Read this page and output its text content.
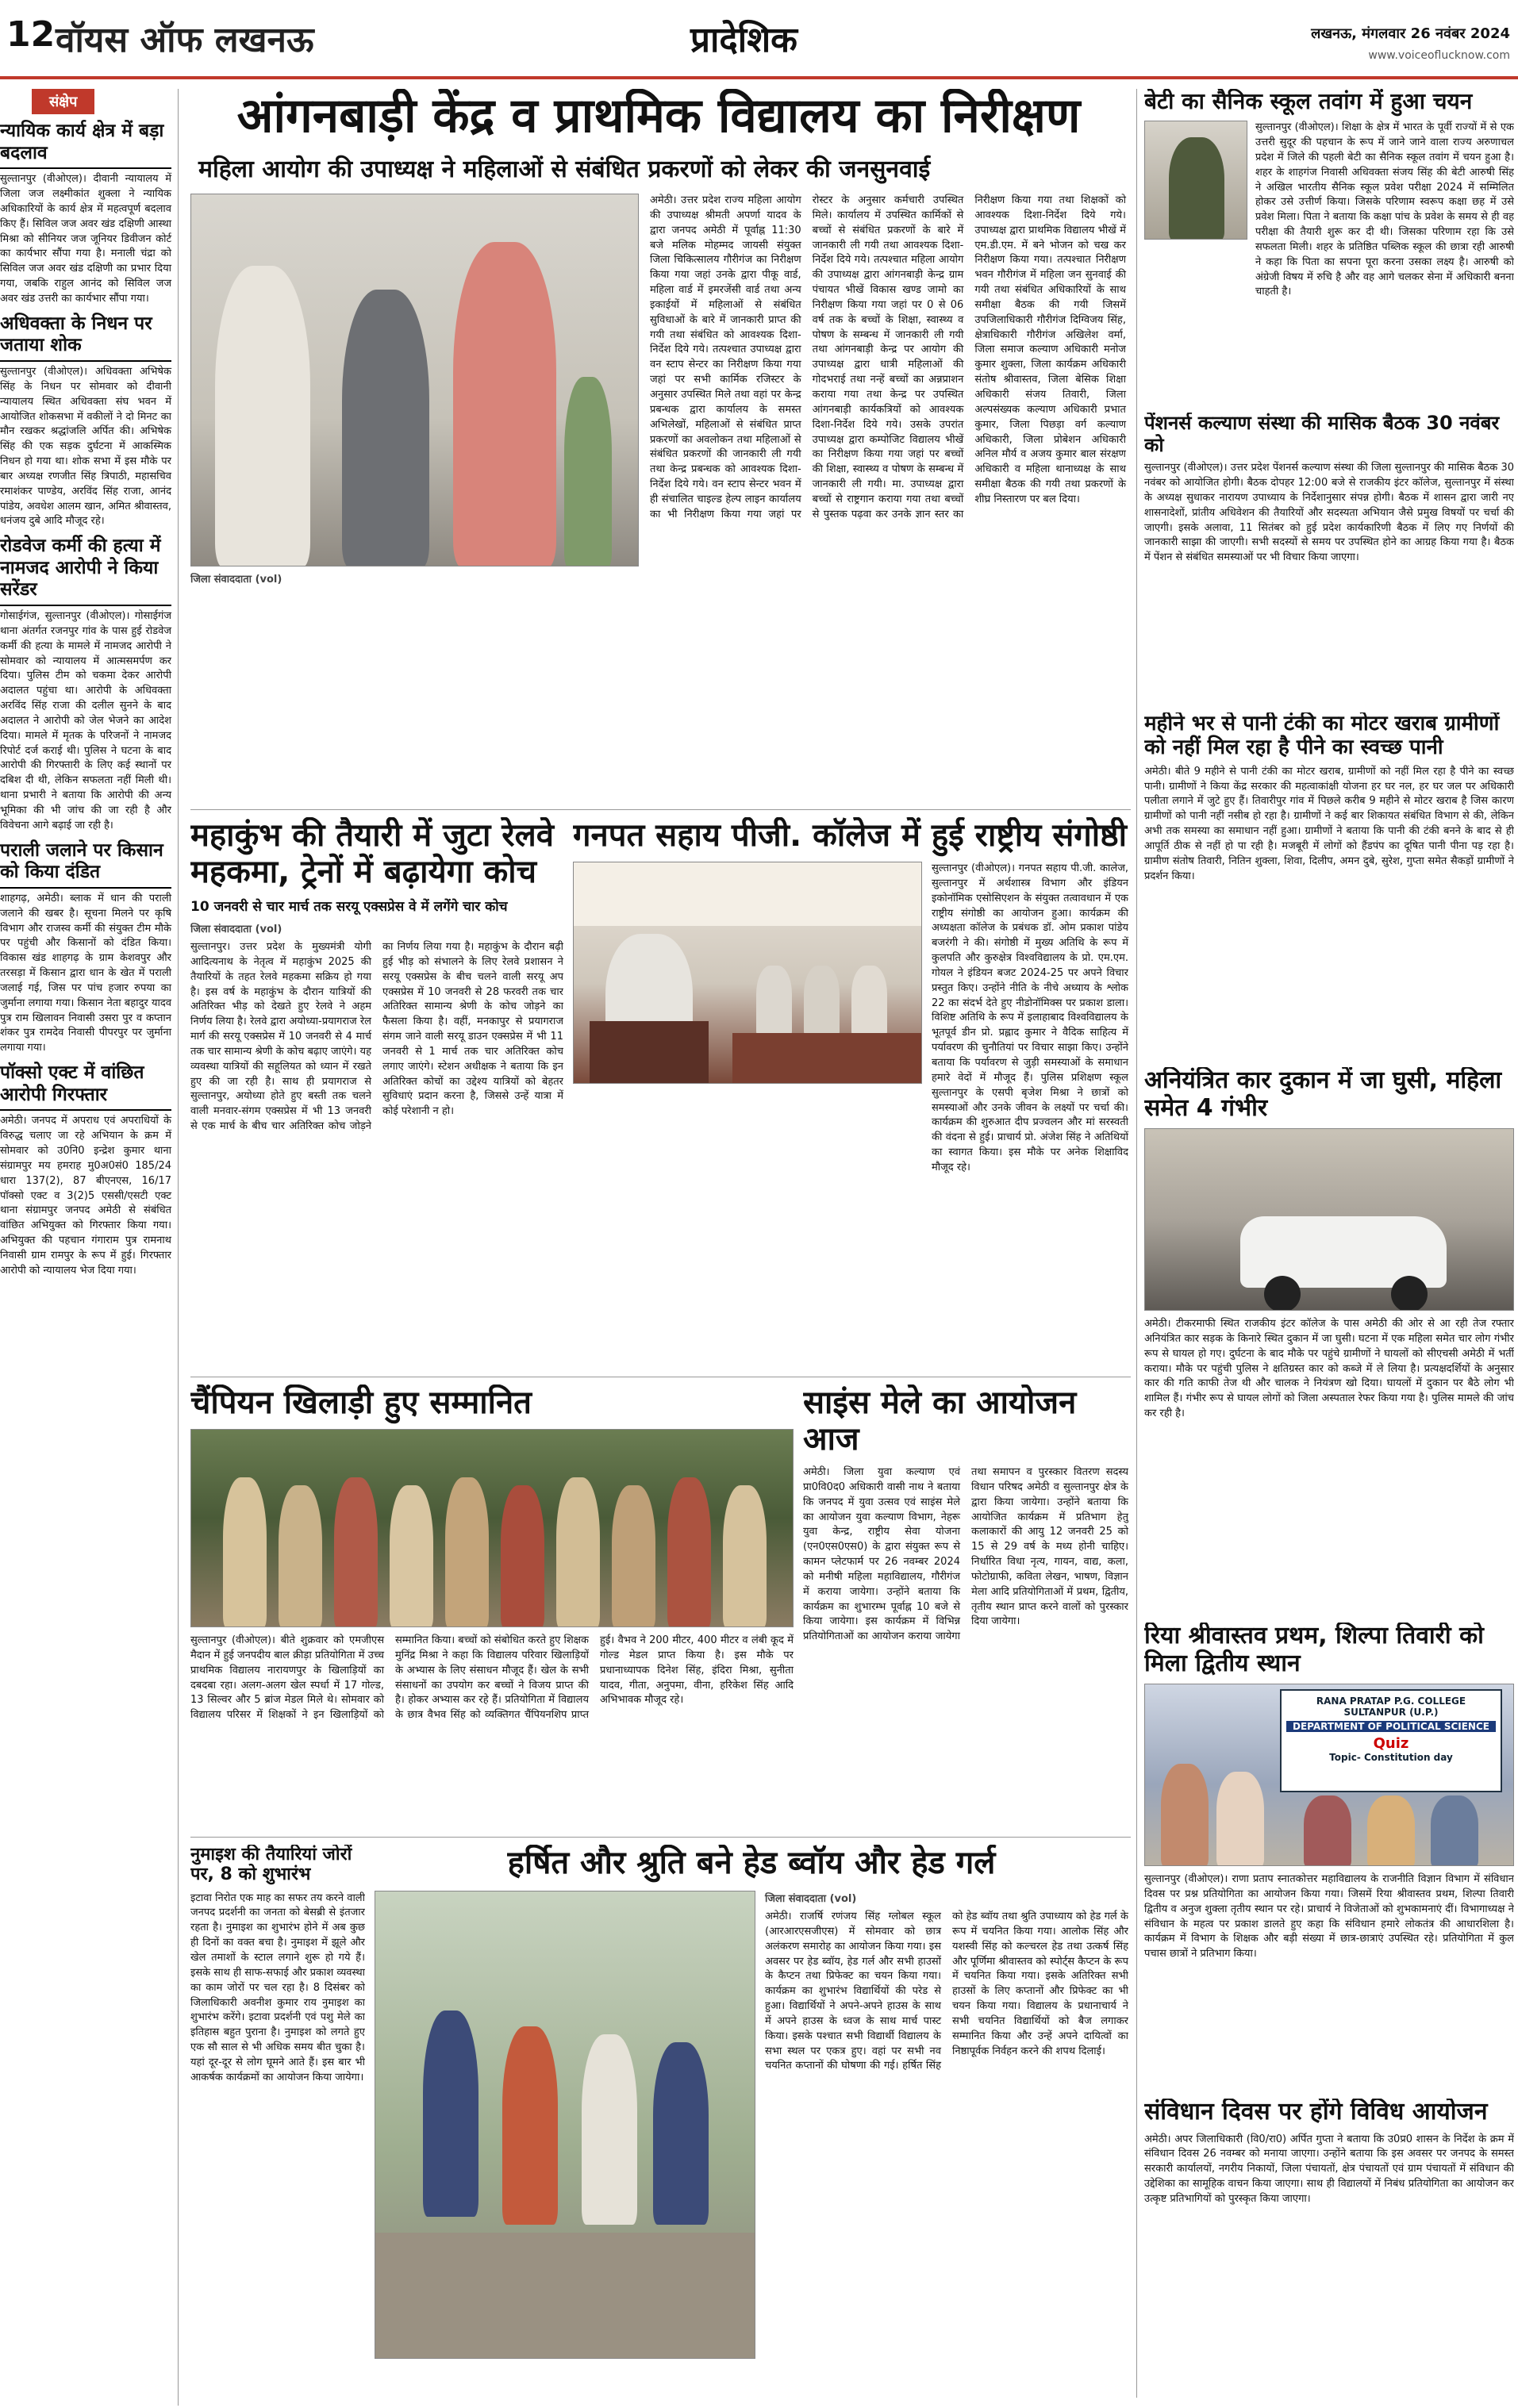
12 वॉयस ऑफ लखनऊ	प्रादेशिक	लखनऊ, मंगलवार 26 नवंबर 2024
www.voiceoflucknow.com
संक्षेप
न्यायिक कार्य क्षेत्र में बड़ा बदलाव
सुल्तानपुर (वीओएल)। दीवानी न्यायालय में जिला जज लक्ष्मीकांत शुक्ला ने न्यायिक अधिकारियों के कार्य क्षेत्र में महत्वपूर्ण बदलाव किए हैं। सिविल जज अवर खंड दक्षिणी आस्था मिश्रा को सीनियर जज जूनियर डिवीजन कोर्ट का कार्यभार सौंपा गया है। मनाली चंद्रा को सिविल जज अवर खंड दक्षिणी का प्रभार दिया गया, जबकि राहुल आनंद को सिविल जज अवर खंड उत्तरी का कार्यभार सौंपा गया।
अधिवक्ता के निधन पर जताया शोक
सुल्तानपुर (वीओएल)। अधिवक्ता अभिषेक सिंह के निधन पर सोमवार को दीवानी न्यायालय स्थित अधिवक्ता संघ भवन में आयोजित शोकसभा में वकीलों ने दो मिनट का मौन रखकर श्रद्धांजलि अर्पित की। अभिषेक सिंह की एक सड़क दुर्घटना में आकस्मिक निधन हो गया था। शोक सभा में इस मौके पर बार अध्यक्ष रणजीत सिंह त्रिपाठी, महासचिव रमाशंकर पाण्डेय, अरविंद सिंह राजा, आनंद पांडेय, अवधेश आलम खान, अमित श्रीवास्तव, धनंजय दुबे आदि मौजूद रहे।
रोडवेज कर्मी की हत्या में नामजद आरोपी ने किया सरेंडर
गोसाईगंज, सुल्तानपुर (वीओएल)। गोसाईगंज थाना अंतर्गत रजनपुर गांव के पास हुई रोडवेज कर्मी की हत्या के मामले में नामजद आरोपी ने सोमवार को न्यायालय में आत्मसमर्पण कर दिया। पुलिस टीम को चकमा देकर आरोपी अदालत पहुंचा था। आरोपी के अधिवक्ता अरविंद सिंह राजा की दलील सुनने के बाद अदालत ने आरोपी को जेल भेजने का आदेश दिया। मामले में मृतक के परिजनों ने नामजद रिपोर्ट दर्ज कराई थी। पुलिस ने घटना के बाद आरोपी की गिरफ्तारी के लिए कई स्थानों पर दबिश दी थी, लेकिन सफलता नहीं मिली थी। थाना प्रभारी ने बताया कि आरोपी की अन्य भूमिका की भी जांच की जा रही है और विवेचना आगे बढ़ाई जा रही है।
पराली जलाने पर किसान को किया दंडित
शाहगढ़, अमेठी। ब्लाक में धान की पराली जलाने की खबर है। सूचना मिलने पर कृषि विभाग और राजस्व कर्मी की संयुक्त टीम मौके पर पहुंची और किसानों को दंडित किया। विकास खंड शाहगढ़ के ग्राम केशवपुर और तरसड़ा में किसान द्वारा धान के खेत में पराली जलाई गई, जिस पर पांच हजार रुपया का जुर्माना लगाया गया। किसान नेता बहादुर यादव पुत्र राम खिलावन निवासी उसरा पुर व कप्तान शंकर पुत्र रामदेव निवासी पीपरपुर पर जुर्माना लगाया गया।
पॉक्सो एक्ट में वांछित आरोपी गिरफ्तार
अमेठी। जनपद में अपराध एवं अपराधियों के विरुद्ध चलाए जा रहे अभियान के क्रम में सोमवार को उ0नि0 इन्द्रेश कुमार थाना संग्रामपुर मय हमराह मु0अ0सं0 185/24 धारा 137(2), 87 बीएनएस, 16/17 पॉक्सो एक्ट व 3(2)5 एससी/एसटी एक्ट थाना संग्रामपुर जनपद अमेठी से संबंधित वांछित अभियुक्त को गिरफ्तार किया गया। अभियुक्त की पहचान गंगाराम पुत्र रामनाथ निवासी ग्राम रामपुर के रूप में हुई। गिरफ्तार आरोपी को न्यायालय भेज दिया गया।
आंगनबाड़ी केंद्र व प्राथमिक विद्यालय का निरीक्षण
महिला आयोग की उपाध्यक्ष ने महिलाओं से संबंधित प्रकरणों को लेकर की जनसुनवाई
जिला संवाददाता (vol)
अमेठी। उत्तर प्रदेश राज्य महिला आयोग की उपाध्यक्ष श्रीमती अपर्णा यादव के द्वारा जनपद अमेठी में पूर्वाह्न 11:30 बजे मलिक मोहम्मद जायसी संयुक्त जिला चिकित्सालय गौरीगंज का निरीक्षण किया गया जहां उनके द्वारा पीकू वार्ड, महिला वार्ड में इमरजेंसी वार्ड तथा अन्य इकाईयों में महिलाओं से संबंधित सुविधाओं के बारे में जानकारी प्राप्त की गयी तथा संबंधित को आवश्यक दिशा-निर्देश दिये गये। तत्पश्चात उपाध्यक्ष द्वारा वन स्टाप सेन्टर का निरीक्षण किया गया जहां पर सभी कार्मिक रजिस्टर के अनुसार उपस्थित मिले तथा वहां पर केन्द्र प्रबन्धक द्वारा कार्यालय के समस्त अभिलेखों, महिलाओं से संबंधित प्राप्त प्रकरणों का अवलोकन तथा महिलाओं से संबंधित प्रकरणों की जानकारी ली गयी तथा केन्द्र प्रबन्धक को आवश्यक दिशा-निर्देश दिये गये। वन स्टाप सेन्टर भवन में ही संचालित चाइल्ड हेल्प लाइन कार्यालय का भी निरीक्षण किया गया जहां पर रोस्टर के अनुसार कर्मचारी उपस्थित मिले। कार्यालय में उपस्थित कार्मिकों से बच्चों से संबंधित प्रकरणों के बारे में जानकारी ली गयी तथा आवश्यक दिशा-निर्देश दिये गये। तत्पश्चात महिला आयोग की उपाध्यक्ष द्वारा आंगनबाड़ी केन्द्र ग्राम पंचायत भीखें विकास खण्ड जामो का निरीक्षण किया गया जहां पर 0 से 06 वर्ष तक के बच्चों के शिक्षा, स्वास्थ्य व पोषण के सम्बन्ध में जानकारी ली गयी तथा आंगनबाड़ी केन्द्र पर आयोग की उपाध्यक्ष द्वारा धात्री महिलाओं की गोदभराई तथा नन्हें बच्चों का अन्नप्राशन कराया गया तथा केन्द्र पर उपस्थित आंगनबाड़ी कार्यकत्रियों को आवश्यक दिशा-निर्देश दिये गये। उसके उपरांत उपाध्यक्ष द्वारा कम्पोजिट विद्यालय भीखें का निरीक्षण किया गया जहां पर बच्चों की शिक्षा, स्वास्थ्य व पोषण के सम्बन्ध में जानकारी ली गयी। मा. उपाध्यक्ष द्वारा बच्चों से राष्ट्रगान कराया गया तथा बच्चों से पुस्तक पढ़वा कर उनके ज्ञान स्तर का निरीक्षण किया गया तथा शिक्षकों को आवश्यक दिशा-निर्देश दिये गये। उपाध्यक्ष द्वारा प्राथमिक विद्यालय भीखें में एम.डी.एम. में बने भोजन को चख कर निरीक्षण किया गया। तत्पश्चात निरीक्षण भवन गौरीगंज में महिला जन सुनवाई की गयी तथा संबंधित अधिकारियों के साथ समीक्षा बैठक की गयी जिसमें उपजिलाधिकारी गौरीगंज दिग्विजय सिंह, क्षेत्राधिकारी गौरीगंज अखिलेश वर्मा, जिला समाज कल्याण अधिकारी मनोज कुमार शुक्ला, जिला कार्यक्रम अधिकारी संतोष श्रीवास्तव, जिला बेसिक शिक्षा अधिकारी संजय तिवारी, जिला अल्पसंख्यक कल्याण अधिकारी प्रभात कुमार, जिला पिछड़ा वर्ग कल्याण अधिकारी, जिला प्रोबेशन अधिकारी अनिल मौर्य व अजय कुमार बाल संरक्षण अधिकारी व महिला थानाध्यक्ष के साथ समीक्षा बैठक की गयी तथा प्रकरणों के शीघ्र निस्तारण पर बल दिया।
बेटी का सैनिक स्कूल तवांग में हुआ चयन
सुल्तानपुर (वीओएल)। शिक्षा के क्षेत्र में भारत के पूर्वी राज्यों में से एक उत्तरी सुदूर की पहचान के रूप में जाने जाने वाला राज्य अरुणाचल प्रदेश में जिले की पहली बेटी का सैनिक स्कूल तवांग में चयन हुआ है। शहर के शाहगंज निवासी अधिवक्ता संजय सिंह की बेटी आरुषी सिंह ने अखिल भारतीय सैनिक स्कूल प्रवेश परीक्षा 2024 में सम्मिलित होकर उसे उत्तीर्ण किया। जिसके परिणाम स्वरूप कक्षा छह में उसे प्रवेश मिला। पिता ने बताया कि कक्षा पांच के प्रवेश के समय से ही वह परीक्षा की तैयारी शुरू कर दी थी। जिसका परिणाम रहा कि उसे सफलता मिली। शहर के प्रतिष्ठित पब्लिक स्कूल की छात्रा रही आरुषी ने कहा कि पिता का सपना पूरा करना उसका लक्ष्य है। आरुषी को अंग्रेजी विषय में रुचि है और वह आगे चलकर सेना में अधिकारी बनना चाहती है।
पेंशनर्स कल्याण संस्था की मासिक बैठक 30 नवंबर को
सुल्तानपुर (वीओएल)। उत्तर प्रदेश पेंशनर्स कल्याण संस्था की जिला सुल्तानपुर की मासिक बैठक 30 नवंबर को आयोजित होगी। बैठक दोपहर 12:00 बजे से राजकीय इंटर कॉलेज, सुल्तानपुर में संस्था के अध्यक्ष सुधाकर नारायण उपाध्याय के निर्देशानुसार संपन्न होगी। बैठक में शासन द्वारा जारी नए शासनादेशों, प्रांतीय अधिवेशन की तैयारियों और सदस्यता अभियान जैसे प्रमुख विषयों पर चर्चा की जाएगी। इसके अलावा, 11 सितंबर को हुई प्रदेश कार्यकारिणी बैठक में लिए गए निर्णयों की जानकारी साझा की जाएगी। सभी सदस्यों से समय पर उपस्थित होने का आग्रह किया गया है। बैठक में पेंशन से संबंधित समस्याओं पर भी विचार किया जाएगा।
महीने भर से पानी टंकी का मोटर खराब ग्रामीणों को नहीं मिल रहा है पीने का स्वच्छ पानी
अमेठी। बीते 9 महीने से पानी टंकी का मोटर खराब, ग्रामीणों को नहीं मिल रहा है पीने का स्वच्छ पानी। ग्रामीणों ने किया केंद्र सरकार की महत्वाकांक्षी योजना हर घर नल, हर घर जल पर अधिकारी पलीता लगाने में जुटे हुए हैं। तिवारीपुर गांव में पिछले करीब 9 महीने से मोटर खराब है जिस कारण ग्रामीणों को पानी नहीं नसीब हो रहा है। ग्रामीणों ने कई बार शिकायत संबंधित विभाग से की, लेकिन अभी तक समस्या का समाधान नहीं हुआ। ग्रामीणों ने बताया कि पानी की टंकी बनने के बाद से ही आपूर्ति ठीक से नहीं हो पा रही है। मजबूरी में लोगों को हैंडपंप का दूषित पानी पीना पड़ रहा है। ग्रामीण संतोष तिवारी, नितिन शुक्ला, शिवा, दिलीप, अमन दुबे, सुरेश, गुप्ता समेत सैकड़ों ग्रामीणों ने प्रदर्शन किया।
अनियंत्रित कार दुकान में जा घुसी, महिला समेत 4 गंभीर
अमेठी। टीकरमाफी स्थित राजकीय इंटर कॉलेज के पास अमेठी की ओर से आ रही तेज रफ्तार अनियंत्रित कार सड़क के किनारे स्थित दुकान में जा घुसी। घटना में एक महिला समेत चार लोग गंभीर रूप से घायल हो गए। दुर्घटना के बाद मौके पर पहुंचे ग्रामीणों ने घायलों को सीएचसी अमेठी में भर्ती कराया। मौके पर पहुंची पुलिस ने क्षतिग्रस्त कार को कब्जे में ले लिया है। प्रत्यक्षदर्शियों के अनुसार कार की गति काफी तेज थी और चालक ने नियंत्रण खो दिया। घायलों में दुकान पर बैठे लोग भी शामिल हैं। गंभीर रूप से घायल लोगों को जिला अस्पताल रेफर किया गया है। पुलिस मामले की जांच कर रही है।
रिया श्रीवास्तव प्रथम, शिल्पा तिवारी को मिला द्वितीय स्थान
RANA PRATAP P.G. COLLEGE
SULTANPUR (U.P.)
DEPARTMENT OF POLITICAL SCIENCE
Quiz
Topic- Constitution day
सुल्तानपुर (वीओएल)। राणा प्रताप स्नातकोत्तर महाविद्यालय के राजनीति विज्ञान विभाग में संविधान दिवस पर प्रश्न प्रतियोगिता का आयोजन किया गया। जिसमें रिया श्रीवास्तव प्रथम, शिल्पा तिवारी द्वितीय व अनुज शुक्ला तृतीय स्थान पर रहे। प्राचार्य ने विजेताओं को शुभकामनाएं दीं। विभागाध्यक्ष ने संविधान के महत्व पर प्रकाश डालते हुए कहा कि संविधान हमारे लोकतंत्र की आधारशिला है। कार्यक्रम में विभाग के शिक्षक और बड़ी संख्या में छात्र-छात्राएं उपस्थित रहे। प्रतियोगिता में कुल पचास छात्रों ने प्रतिभाग किया।
संविधान दिवस पर होंगे विविध आयोजन
अमेठी। अपर जिलाधिकारी (वि0/रा0) अर्पित गुप्ता ने बताया कि उ0प्र0 शासन के निर्देश के क्रम में संविधान दिवस 26 नवम्बर को मनाया जाएगा। उन्होंने बताया कि इस अवसर पर जनपद के समस्त सरकारी कार्यालयों, नगरीय निकायों, जिला पंचायतों, क्षेत्र पंचायतों एवं ग्राम पंचायतों में संविधान की उद्देशिका का सामूहिक वाचन किया जाएगा। साथ ही विद्यालयों में निबंध प्रतियोगिता का आयोजन कर उत्कृष्ट प्रतिभागियों को पुरस्कृत किया जाएगा।
महाकुंभ की तैयारी में जुटा रेलवे महकमा, ट्रेनों में बढ़ायेगा कोच
10 जनवरी से चार मार्च तक सरयू एक्सप्रेस वे में लगेंगे चार कोच
जिला संवाददाता (vol)
सुल्तानपुर। उत्तर प्रदेश के मुख्यमंत्री योगी आदित्यनाथ के नेतृत्व में महाकुंभ 2025 की तैयारियों के तहत रेलवे महकमा सक्रिय हो गया है। इस वर्ष के महाकुंभ के दौरान यात्रियों की अतिरिक्त भीड़ को देखते हुए रेलवे ने अहम निर्णय लिया है। रेलवे द्वारा अयोध्या-प्रयागराज रेल मार्ग की सरयू एक्सप्रेस में 10 जनवरी से 4 मार्च तक चार सामान्य श्रेणी के कोच बढ़ाए जाएंगे। यह व्यवस्था यात्रियों की सहूलियत को ध्यान में रखते हुए की जा रही है। साथ ही प्रयागराज से सुल्तानपुर, अयोध्या होते हुए बस्ती तक चलने वाली मनवार-संगम एक्सप्रेस में भी 13 जनवरी से एक मार्च के बीच चार अतिरिक्त कोच जोड़ने का निर्णय लिया गया है। महाकुंभ के दौरान बढ़ी हुई भीड़ को संभालने के लिए रेलवे प्रशासन ने सरयू एक्सप्रेस के बीच चलने वाली सरयू अप एक्सप्रेस में 10 जनवरी से 28 फरवरी तक चार अतिरिक्त सामान्य श्रेणी के कोच जोड़ने का फैसला किया है। वहीं, मनकापुर से प्रयागराज संगम जाने वाली सरयू डाउन एक्सप्रेस में भी 11 जनवरी से 1 मार्च तक चार अतिरिक्त कोच लगाए जाएंगे। स्टेशन अधीक्षक ने बताया कि इन अतिरिक्त कोचों का उद्देश्य यात्रियों को बेहतर सुविधाएं प्रदान करना है, जिससे उन्हें यात्रा में कोई परेशानी न हो।
गनपत सहाय पीजी. कॉलेज में हुई राष्ट्रीय संगोष्ठी
सुल्तानपुर (वीओएल)। गनपत सहाय पी.जी. कालेज, सुल्तानपुर में अर्थशास्त्र विभाग और इंडियन इकोनॉमिक एसोसिएशन के संयुक्त तत्वावधान में एक राष्ट्रीय संगोष्ठी का आयोजन हुआ। कार्यक्रम की अध्यक्षता कॉलेज के प्रबंधक डॉ. ओम प्रकाश पांडेय बजरंगी ने की। संगोष्ठी में मुख्य अतिथि के रूप में कुलपति और कुरुक्षेत्र विश्वविद्यालय के प्रो. एम.एम. गोयल ने इंडियन बजट 2024-25 पर अपने विचार प्रस्तुत किए। उन्होंने नीति के नीचे अध्याय के श्लोक 22 का संदर्भ देते हुए नीडोनॉमिक्स पर प्रकाश डाला। विशिष्ट अतिथि के रूप में इलाहाबाद विश्वविद्यालय के भूतपूर्व डीन प्रो. प्रह्लाद कुमार ने वैदिक साहित्य में पर्यावरण की चुनौतियां पर विचार साझा किए। उन्होंने बताया कि पर्यावरण से जुड़ी समस्याओं के समाधान हमारे वेदों में मौजूद हैं। पुलिस प्रशिक्षण स्कूल सुल्तानपुर के एसपी बृजेश मिश्रा ने छात्रों को समस्याओं और उनके जीवन के लक्ष्यों पर चर्चा की। कार्यक्रम की शुरुआत दीप प्रज्वलन और मां सरस्वती की वंदना से हुई। प्राचार्य प्रो. अंजेश सिंह ने अतिथियों का स्वागत किया। इस मौके पर अनेक शिक्षाविद मौजूद रहे।
चैंपियन खिलाड़ी हुए सम्मानित
सुल्तानपुर (वीओएल)। बीते शुक्रवार को एमजीएस मैदान में हुई जनपदीय बाल क्रीड़ा प्रतियोगिता में उच्च प्राथमिक विद्यालय नारायणपुर के खिलाड़ियों का दबदबा रहा। अलग-अलग खेल स्पर्धा में 17 गोल्ड, 13 सिल्वर और 5 ब्रांज मेडल मिले थे। सोमवार को विद्यालय परिसर में शिक्षकों ने इन खिलाड़ियों को सम्मानित किया। बच्चों को संबोधित करते हुए शिक्षक मुनिंद्र मिश्रा ने कहा कि विद्यालय परिवार खिलाड़ियों के अभ्यास के लिए संसाधन मौजूद हैं। खेल के सभी संसाधनों का उपयोग कर बच्चों ने विजय प्राप्त की है। होकर अभ्यास कर रहे हैं। प्रतियोगिता में विद्यालय के छात्र वैभव सिंह को व्यक्तिगत चैंपियनशिप प्राप्त हुई। वैभव ने 200 मीटर, 400 मीटर व लंबी कूद में गोल्ड मेडल प्राप्त किया है। इस मौके पर प्रधानाध्यापक दिनेश सिंह, इंदिरा मिश्रा, सुनीता यादव, गीता, अनुपमा, वीना, हरिकेश सिंह आदि अभिभावक मौजूद रहे।
साइंस मेले का आयोजन आज
अमेठी। जिला युवा कल्याण एवं प्रा0वि0द0 अधिकारी वासी नाथ ने बताया कि जनपद में युवा उत्सव एवं साइंस मेले का आयोजन युवा कल्याण विभाग, नेहरू युवा केन्द्र, राष्ट्रीय सेवा योजना (एन0एस0एस0) के द्वारा संयुक्त रूप से कामन प्लेटफार्म पर 26 नवम्बर 2024 को मनीषी महिला महाविद्यालय, गौरीगंज में कराया जायेगा। उन्होंने बताया कि कार्यक्रम का शुभारम्भ पूर्वाह्न 10 बजे से किया जायेगा। इस कार्यक्रम में विभिन्न प्रतियोगिताओं का आयोजन कराया जायेगा तथा समापन व पुरस्कार वितरण सदस्य विधान परिषद अमेठी व सुल्तानपुर क्षेत्र के द्वारा किया जायेगा। उन्होंने बताया कि आयोजित कार्यक्रम में प्रतिभाग हेतु कलाकारों की आयु 12 जनवरी 25 को 15 से 29 वर्ष के मध्य होनी चाहिए। निर्धारित विधा नृत्य, गायन, वाद्य, कला, फोटोग्राफी, कविता लेखन, भाषण, विज्ञान मेला आदि प्रतियोगिताओं में प्रथम, द्वितीय, तृतीय स्थान प्राप्त करने वालों को पुरस्कार दिया जायेगा।
नुमाइश की तैयारियां जोरों पर, 8 को शुभारंभ
इटावा निरोत एक माह का सफर तय करने वाली जनपद प्रदर्शनी का जनता को बेसब्री से इंतजार रहता है। नुमाइश का शुभारंभ होने में अब कुछ ही दिनों का वक्त बचा है। नुमाइश में झूले और खेल तमाशों के स्टाल लगाने शुरू हो गये हैं। इसके साथ ही साफ-सफाई और प्रकाश व्यवस्था का काम जोरों पर चल रहा है। 8 दिसंबर को जिलाधिकारी अवनीश कुमार राय नुमाइश का शुभारंभ करेंगे। इटावा प्रदर्शनी एवं पशु मेले का इतिहास बहुत पुराना है। नुमाइश को लगते हुए एक सौ साल से भी अधिक समय बीत चुका है। यहां दूर-दूर से लोग घूमने आते हैं। इस बार भी आकर्षक कार्यक्रमों का आयोजन किया जायेगा।
हर्षित और श्रुति बने हेड ब्वॉय और हेड गर्ल
जिला संवाददाता (vol)
अमेठी। राजर्षि रणंजय सिंह ग्लोबल स्कूल (आरआरएसजीएस) में सोमवार को छात्र अलंकरण समारोह का आयोजन किया गया। इस अवसर पर हेड ब्वॉय, हेड गर्ल और सभी हाउसों के कैप्टन तथा प्रिफेक्ट का चयन किया गया। कार्यक्रम का शुभारंभ विद्यार्थियों की परेड से हुआ। विद्यार्थियों ने अपने-अपने हाउस के साथ में अपने हाउस के ध्वज के साथ मार्च पास्ट किया। इसके पश्चात सभी विद्यार्थी विद्यालय के सभा स्थल पर एकत्र हुए। वहां पर सभी नव चयनित कप्तानों की घोषणा की गई। हर्षित सिंह को हेड ब्वॉय तथा श्रुति उपाध्याय को हेड गर्ल के रूप में चयनित किया गया। आलोक सिंह और यशस्वी सिंह को कल्चरल हेड तथा उत्कर्ष सिंह और पूर्णिमा श्रीवास्तव को स्पोर्ट्स कैप्टन के रूप में चयनित किया गया। इसके अतिरिक्त सभी हाउसों के लिए कप्तानों और प्रिफेक्ट का भी चयन किया गया। विद्यालय के प्रधानाचार्य ने सभी चयनित विद्यार्थियों को बैज लगाकर सम्मानित किया और उन्हें अपने दायित्वों का निष्ठापूर्वक निर्वहन करने की शपथ दिलाई।
